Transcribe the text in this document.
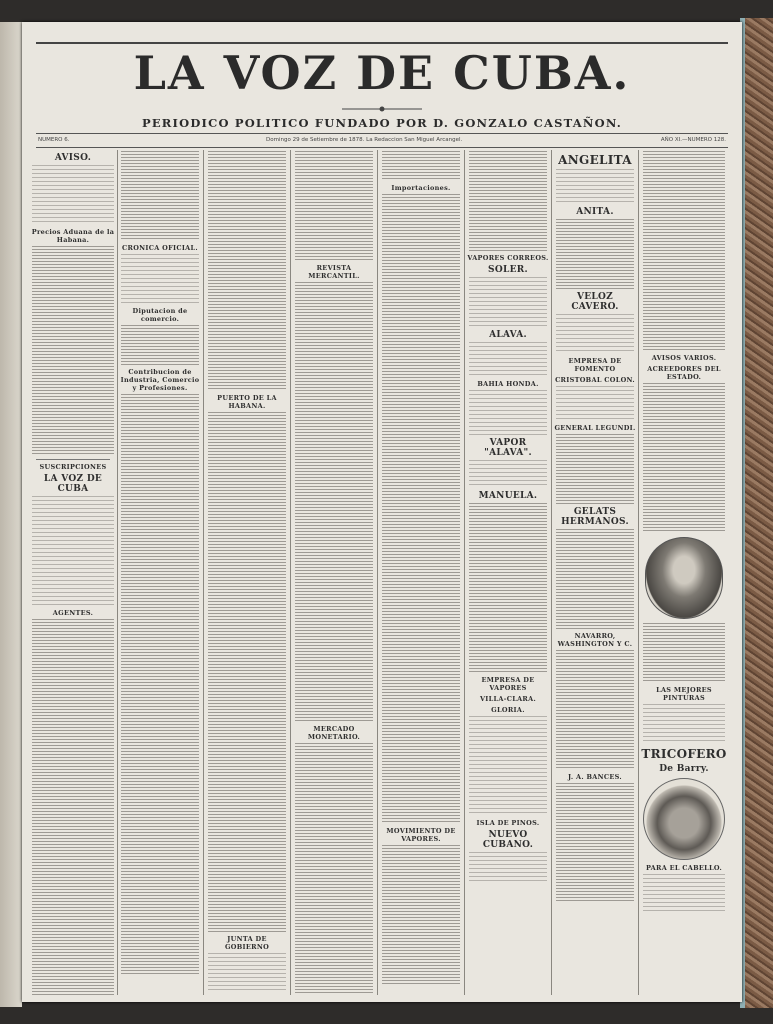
LA VOZ DE CUBA.
PERIODICO POLITICO FUNDADO POR D. GONZALO CASTAÑON.
NUMERO 6.	Domingo 29 de Setiembre de 1878. La Redaccion San Miguel Arcangel.	AÑO XI.—NUMERO 128.
AVISO.
Precios Aduana de la Habana.
SUSCRIPCIONES
LA VOZ DE CUBA
AGENTES.
CRONICA OFICIAL.
Diputacion de comercio.
Contribucion de Industria, Comercio y Profesiones.
PUERTO DE LA HABANA.
JUNTA DE GOBIERNO
REVISTA MERCANTIL.
MERCADO MONETARIO.
Importaciones.
MOVIMIENTO DE VAPORES.
VAPORES CORREOS.
SOLER.
ALAVA.
BAHIA HONDA.
VAPOR "ALAVA".
MANUELA.
EMPRESA DE VAPORES
VILLA-CLARA.
GLORIA.
ISLA DE PINOS.
NUEVO CUBANO.
ANGELITA
ANITA.
VELOZ CAVERO.
EMPRESA DE FOMENTO
CRISTOBAL COLON.
GENERAL LEGUNDI.
GELATS HERMANOS.
NAVARRO, WASHINGTON Y C.
J. A. BANCES.
AVISOS VARIOS.
ACREEDORES DEL ESTADO.
LAS MEJORES PINTURAS
TRICOFERO
De Barry.
PARA EL CABELLO.
